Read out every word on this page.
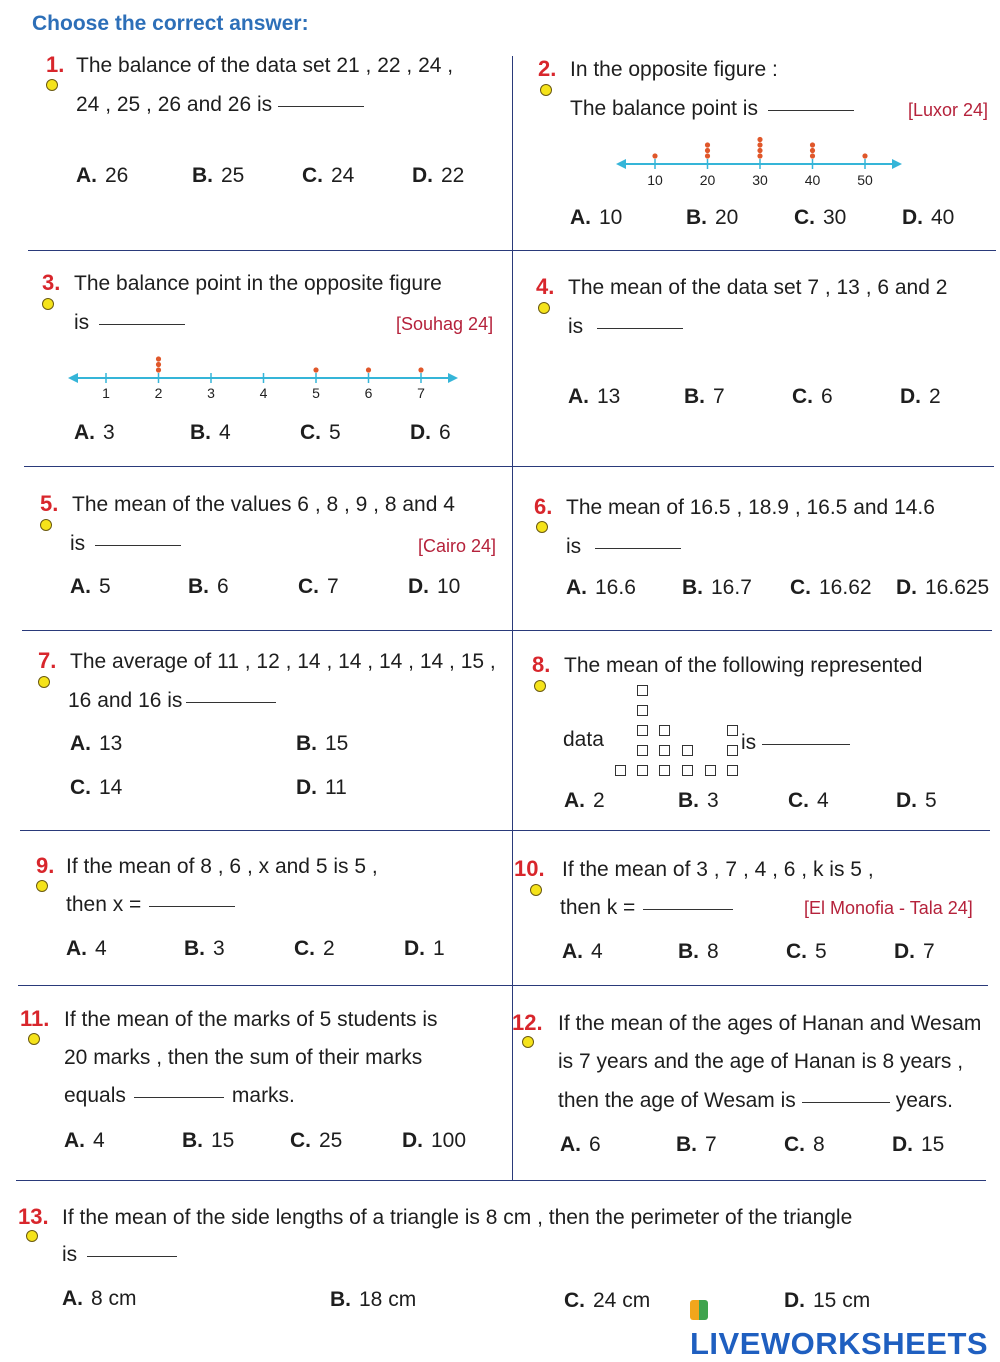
Choose the correct answer:
1. The balance of the data set 21 , 22 , 24 ,
24 , 25 , 26 and 26 is
A. 26	B. 25	C. 24	D. 22
2. In the opposite figure :
The balance point is	[Luxor 24]
10	20	30	40	50
A. 10	B. 20	C. 30	D. 40
3. The balance point in the opposite figure
is	[Souhag 24]
1	2	3	4	5	6	7
A. 3	B. 4	C. 5	D. 6
4. The mean of the data set 7 , 13 , 6 and 2
is
A. 13	B. 7	C. 6	D. 2
5. The mean of the values 6 , 8 , 9 , 8 and 4
is	[Cairo 24]
A. 5	B. 6	C. 7	D. 10
6. The mean of 16.5 , 18.9 , 16.5 and 14.6
is
A. 16.6 B. 16.7 C. 16.62 D. 16.625
7. The average of 11 , 12 , 14 , 14 , 14 , 14 , 15 ,
16 and 16 is
A. 13	B. 15
C. 14	D. 11
8. The mean of the following represented
data	is
A. 2	B. 3	C. 4	D. 5
9. If the mean of 8 , 6 , x and 5 is 5 ,
then x =
A. 4	B. 3	C. 2	D. 1
10. If the mean of 3 , 7 , 4 , 6 , k is 5 ,
then k =	[El Monofia - Tala 24]
A. 4	B. 8	C. 5	D. 7
11. If the mean of the marks of 5 students is
20 marks , then the sum of their marks
equals	marks.
A. 4	B. 15	C. 25	D. 100
12. If the mean of the ages of Hanan and Wesam
is 7 years and the age of Hanan is 8 years ,
then the age of Wesam is	years.
A. 6	B. 7	C. 8	D. 15
13. If the mean of the side lengths of a triangle is 8 cm , then the perimeter of the triangle
is
A. 8 cm	B. 18 cm	C. 24 cm	D. 15 cm
LIVEWORKSHEETS
